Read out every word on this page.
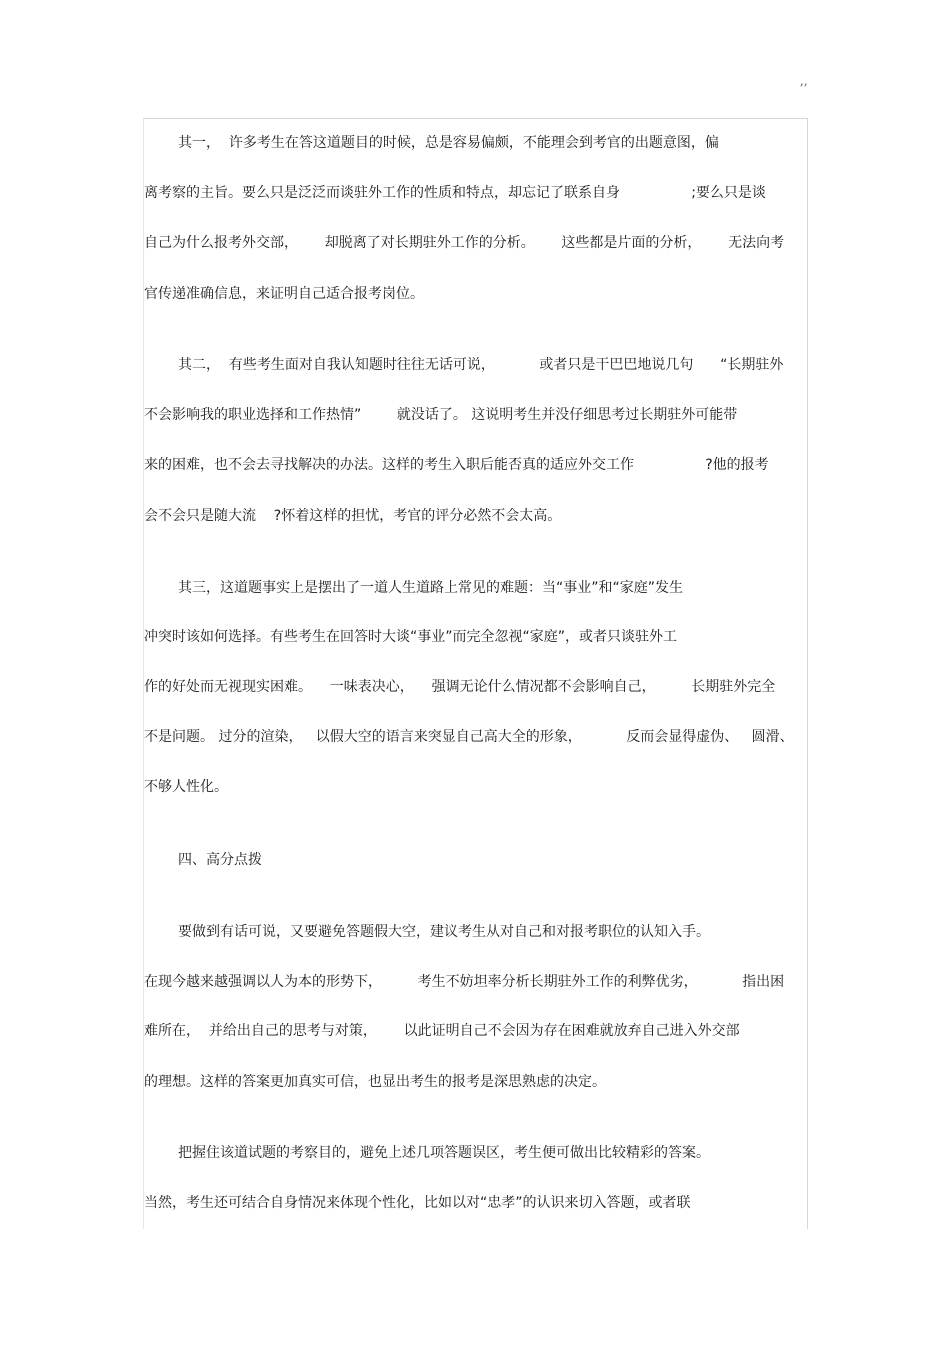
,,
其一，  许多考生在答这道题目的时候，总是容易偏颇，不能理会到考官的出题意图，偏
离考察的主旨。要么只是泛泛而谈驻外工作的性质和特点，却忘记了联系自身                ;要么只是谈
自己为什么报考外交部，      却脱离了对长期驻外工作的分析。      这些都是片面的分析，      无法向考
官传递准确信息，来证明自己适合报考岗位。
其二，  有些考生面对自我认知题时往往无话可说，          或者只是干巴巴地说几句      “长期驻外
不会影响我的职业选择和工作热情”        就没话了。 这说明考生并没仔细思考过长期驻外可能带
来的困难，也不会去寻找解决的办法。这样的考生入职后能否真的适应外交工作                ?他的报考
会不会只是随大流    ?怀着这样的担忧，考官的评分必然不会太高。
其三，这道题事实上是摆出了一道人生道路上常见的难题：当“事业”和“家庭”发生
冲突时该如何选择。有些考生在回答时大谈“事业”而完全忽视“家庭”，或者只谈驻外工
作的好处而无视现实困难。    一味表决心，    强调无论什么情况都不会影响自己，        长期驻外完全
不是问题。 过分的渲染，   以假大空的语言来突显自己高大全的形象，          反而会显得虚伪、   圆滑、
不够人性化。
四、高分点拨
要做到有话可说，又要避免答题假大空，建议考生从对自己和对报考职位的认知入手。
在现今越来越强调以人为本的形势下，        考生不妨坦率分析长期驻外工作的利弊优劣，          指出困
难所在，  并给出自己的思考与对策，      以此证明自己不会因为存在困难就放弃自己进入外交部
的理想。这样的答案更加真实可信，也显出考生的报考是深思熟虑的决定。
把握住该道试题的考察目的，避免上述几项答题误区，考生便可做出比较精彩的答案。
当然，考生还可结合自身情况来体现个性化，比如以对“忠孝”的认识来切入答题，或者联
